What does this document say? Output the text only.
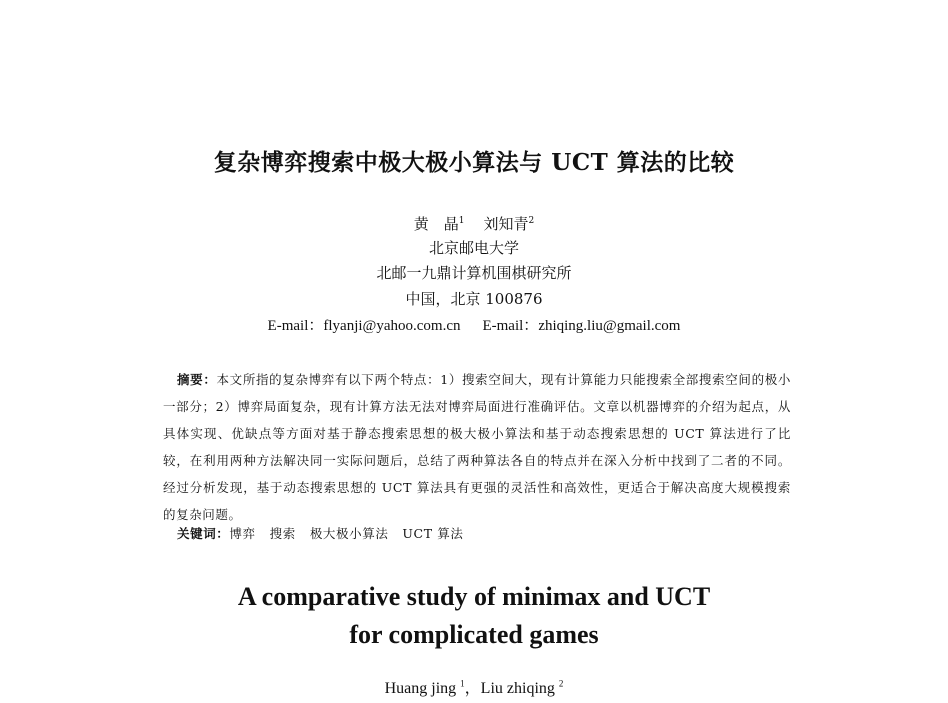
复杂博弈搜索中极大极小算法与 UCT 算法的比较
黄　晶$^1$ 刘知青$^2$
北京邮电大学
北邮一九鼎计算机围棋研究所
中国，北京 100876
E-mail：flyanji@yahoo.com.cn E-mail：zhiqing.liu@gmail.com
摘要：本文所指的复杂博弈有以下两个特点：1）搜索空间大，现有计算能力只能搜索全部搜索空间的极小一部分；2）博弈局面复杂，现有计算方法无法对博弈局面进行准确评估。文章以机器博弈的介绍为起点，从具体实现、优缺点等方面对基于静态搜索思想的极大极小算法和基于动态搜索思想的 UCT 算法进行了比较，在利用两种方法解决同一实际问题后，总结了两种算法各自的特点并在深入分析中找到了二者的不同。经过分析发现，基于动态搜索思想的 UCT 算法具有更强的灵活性和高效性，更适合于解决高度大规模搜索的复杂问题。
关键词：博弈 搜索 极大极小算法 UCT 算法
A comparative study of minimax and UCT
for complicated games
Huang jing $^1$，Liu zhiqing $^2$
